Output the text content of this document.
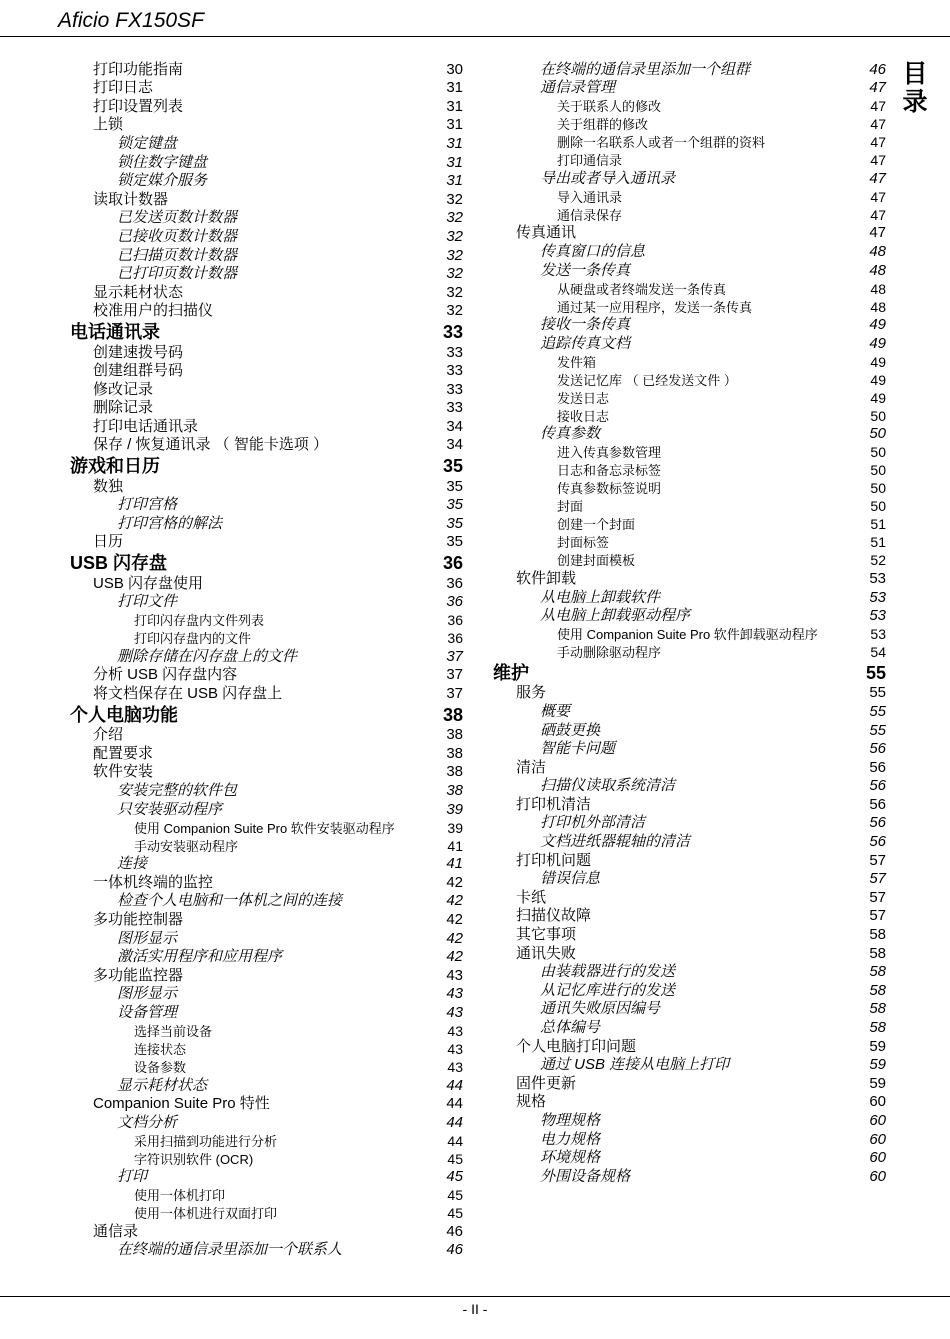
Aficio FX150SF
目
录
打印功能指南	30
打印日志	31
打印设置列表	31
上锁	31
锁定键盘	31
锁住数字键盘	31
锁定媒介服务	31
读取计数器	32
已发送页数计数器	32
已接收页数计数器	32
已扫描页数计数器	32
已打印页数计数器	32
显示耗材状态	32
校准用户的扫描仪	32
电话通讯录	33
创建速拨号码	33
创建组群号码	33
修改记录	33
删除记录	33
打印电话通讯录	34
保存 / 恢复通讯录 （ 智能卡选项 ）	34
游戏和日历	35
数独	35
打印宫格	35
打印宫格的解法	35
日历	35
USB 闪存盘	36
USB 闪存盘使用	36
打印文件	36
打印闪存盘内文件列表	36
打印闪存盘内的文件	36
删除存储在闪存盘上的文件	37
分析 USB 闪存盘内容	37
将文档保存在 USB 闪存盘上	37
个人电脑功能	38
介绍	38
配置要求	38
软件安装	38
安装完整的软件包	38
只安装驱动程序	39
使用 Companion Suite Pro 软件安装驱动程序	39
手动安装驱动程序	41
连接	41
一体机终端的监控	42
检查个人电脑和一体机之间的连接	42
多功能控制器	42
图形显示	42
激活实用程序和应用程序	42
多功能监控器	43
图形显示	43
设备管理	43
选择当前设备	43
连接状态	43
设备参数	43
显示耗材状态	44
Companion Suite Pro 特性	44
文档分析	44
采用扫描到功能进行分析	44
字符识别软件 (OCR)	45
打印	45
使用一体机打印	45
使用一体机进行双面打印	45
通信录	46
在终端的通信录里添加一个联系人	46
在终端的通信录里添加一个组群	46
通信录管理	47
关于联系人的修改	47
关于组群的修改	47
删除一名联系人或者一个组群的资料	47
打印通信录	47
导出或者导入通讯录	47
导入通讯录	47
通信录保存	47
传真通讯	47
传真窗口的信息	48
发送一条传真	48
从硬盘或者终端发送一条传真	48
通过某一应用程序，发送一条传真	48
接收一条传真	49
追踪传真文档	49
发件箱	49
发送记忆库 （ 已经发送文件 ）	49
发送日志	49
接收日志	50
传真参数	50
进入传真参数管理	50
日志和备忘录标签	50
传真参数标签说明	50
封面	50
创建一个封面	51
封面标签	51
创建封面模板	52
软件卸载	53
从电脑上卸载软件	53
从电脑上卸载驱动程序	53
使用 Companion Suite Pro 软件卸载驱动程序	53
手动删除驱动程序	54
维护	55
服务	55
概要	55
硒鼓更换	55
智能卡问题	56
清洁	56
扫描仪读取系统清洁	56
打印机清洁	56
打印机外部清洁	56
文档进纸器辊轴的清洁	56
打印机问题	57
错误信息	57
卡纸	57
扫描仪故障	57
其它事项	58
通讯失败	58
由装载器进行的发送	58
从记忆库进行的发送	58
通讯失败原因编号	58
总体编号	58
个人电脑打印问题	59
通过 USB 连接从电脑上打印	59
固件更新	59
规格	60
物理规格	60
电力规格	60
环境规格	60
外围设备规格	60
- II -
